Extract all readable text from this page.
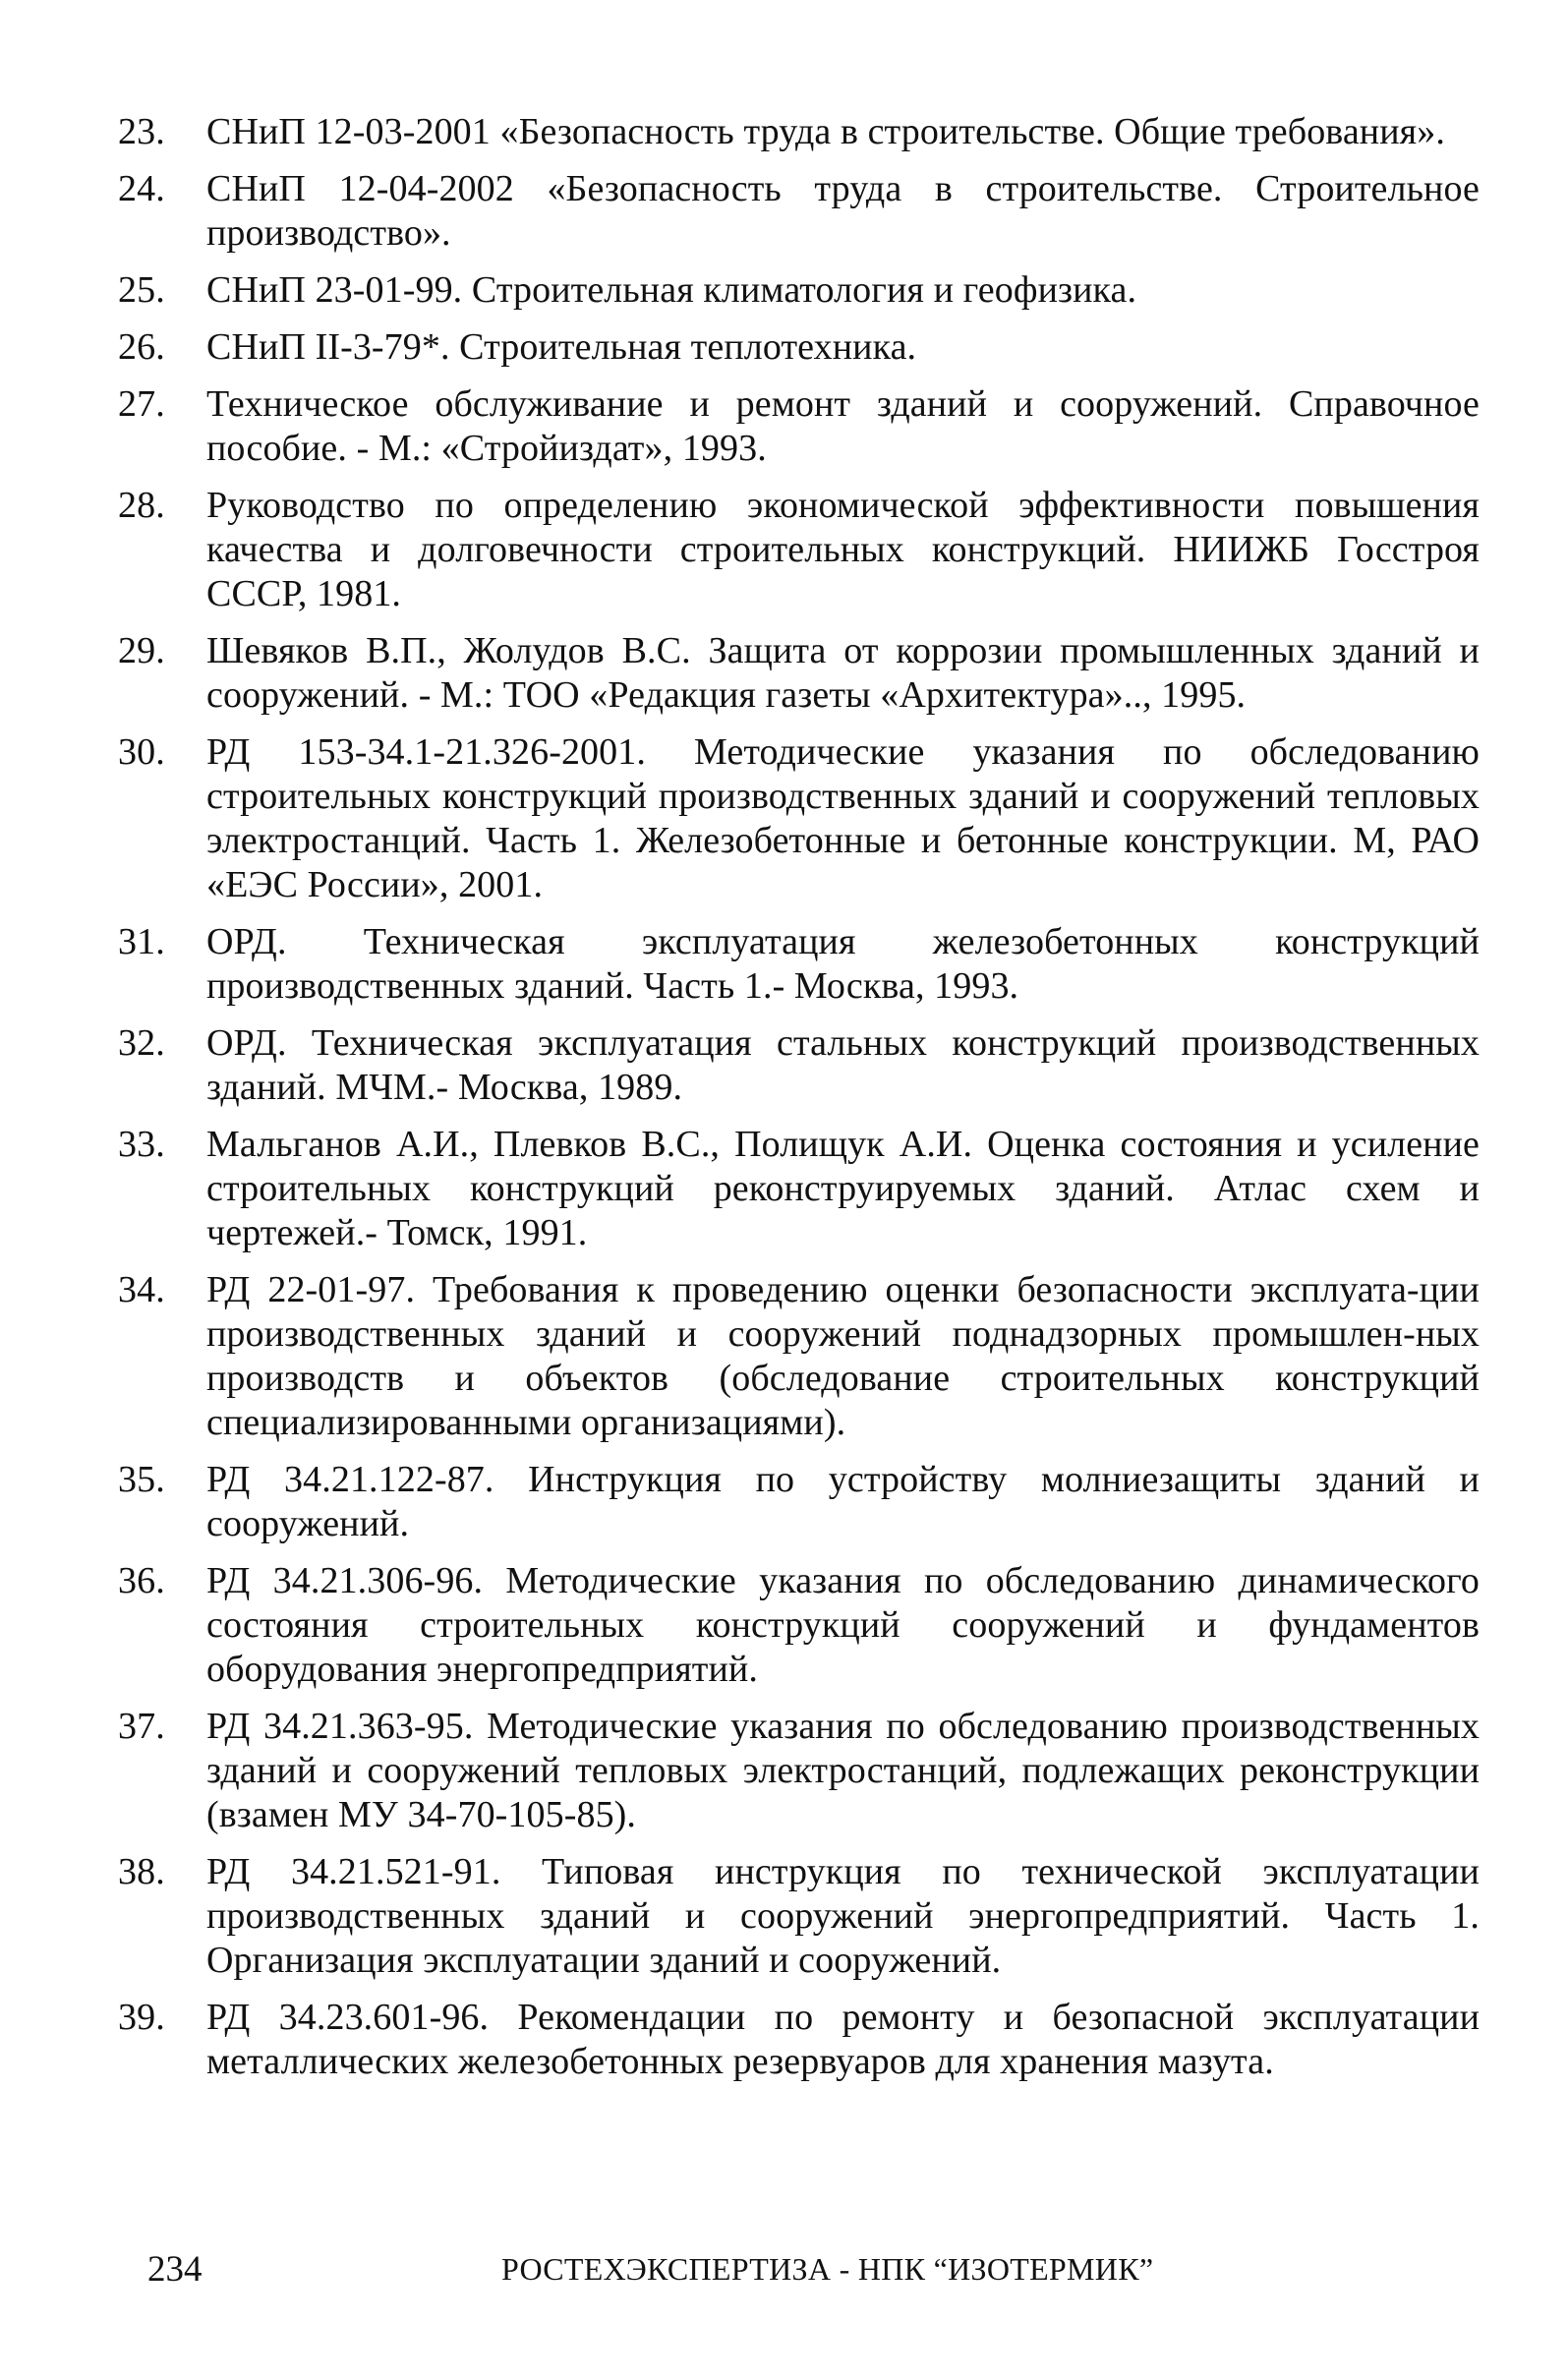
23.	СНиП 12-03-2001 «Безопасность труда в строительстве. Общие требования».
24.	СНиП 12-04-2002 «Безопасность труда в строительстве. Строительное производство».
25.	СНиП 23-01-99. Строительная климатология и геофизика.
26.	СНиП II-3-79*. Строительная теплотехника.
27.	Техническое обслуживание и ремонт зданий и сооружений. Справочное пособие. - М.: «Стройиздат», 1993.
28.	Руководство по определению экономической эффективности повышения качества и долговечности строительных конструкций. НИИЖБ Госстроя СССР, 1981.
29.	Шевяков В.П., Жолудов В.С. Защита от коррозии промышленных зданий и сооружений. - М.: ТОО «Редакция газеты «Архитектура».., 1995.
30.	РД 153-34.1-21.326-2001. Методические указания по обследованию строительных конструкций производственных зданий и сооружений тепловых электростанций. Часть 1. Железобетонные и бетонные конструкции. М, РАО «ЕЭС России», 2001.
31.	ОРД. Техническая эксплуатация железобетонных конструкций производственных зданий. Часть 1.- Москва, 1993.
32.	ОРД. Техническая эксплуатация стальных конструкций производственных зданий. МЧМ.- Москва, 1989.
33.	Мальганов А.И., Плевков В.С., Полищук А.И. Оценка состояния и усиление строительных конструкций реконструируемых зданий. Атлас схем и чертежей.- Томск, 1991.
34.	РД 22-01-97. Требования к проведению оценки безопасности эксплуата-ции производственных зданий и сооружений поднадзорных промышлен-ных производств и объектов (обследование строительных конструкций специализированными организациями).
35.	РД 34.21.122-87. Инструкция по устройству молниезащиты зданий и сооружений.
36.	РД 34.21.306-96. Методические указания по обследованию динамического состояния строительных конструкций сооружений и фундаментов оборудования энергопредприятий.
37.	РД 34.21.363-95. Методические указания по обследованию производственных зданий и сооружений тепловых электростанций, подлежащих реконструкции (взамен МУ 34-70-105-85).
38.	РД 34.21.521-91. Типовая инструкция по технической эксплуатации производственных зданий и сооружений энергопредприятий. Часть 1. Организация эксплуатации зданий и сооружений.
39.	РД 34.23.601-96. Рекомендации по ремонту и безопасной эксплуатации металлических железобетонных резервуаров для хранения мазута.
234	РОСТЕХЭКСПЕРТИЗА - НПК “ИЗОТЕРМИК”
